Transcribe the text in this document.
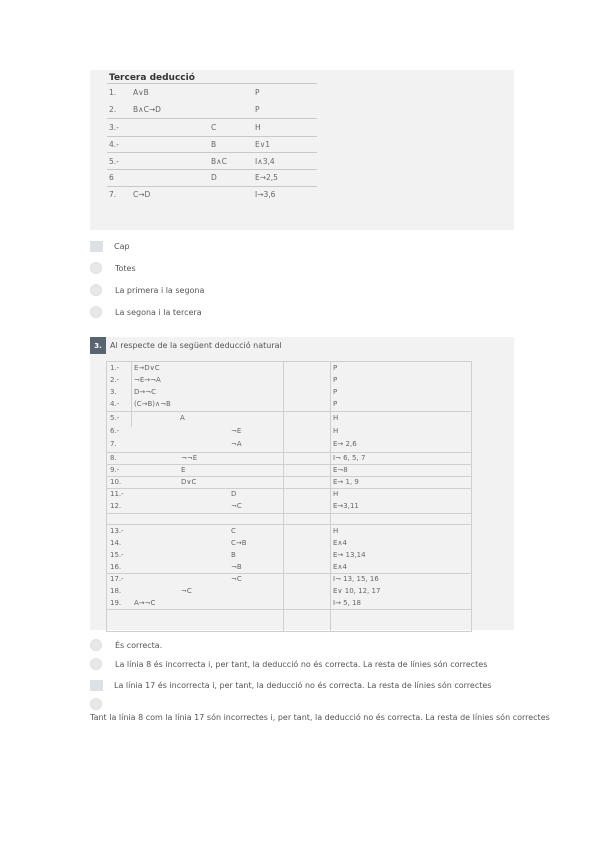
Tercera deducció
1. A∨B	P
2. B∧C→D	P
3.-	C	H
4.-	B	E∨1
5.-	B∧C	I∧3,4
6	D	E→2,5
7. C→D	I→3,6
Cap
Totes
La primera i la segona
La segona i la tercera
3.	Al respecte de la següent deducció natural
1.- E→D∨C	P
2.- ¬E→¬A	P
3. D→¬C	P
4.- (C→B)∧¬B	P
5.-	A	H
6.-	¬E	H
7.	¬A	E→ 2,6
8.	¬¬E	I¬ 6, 5, 7
9.-	E	E¬8
10.	D∨C	E→ 1, 9
11.-	D	H
12.	¬C	E→3,11
13.-	C	H
14.	C→B	E∧4
15.-	B	E→ 13,14
16.	¬B	E∧4
17.-	¬C	I¬ 13, 15, 16
18.	¬C	E∨ 10, 12, 17
19. A→¬C	I→ 5, 18
És correcta.
La línia 8 és incorrecta i, per tant, la deducció no és correcta. La resta de línies són correctes
La línia 17 és incorrecta i, per tant, la deducció no és correcta. La resta de línies són correctes
Tant la línia 8 com la línia 17 són incorrectes i, per tant, la deducció no és correcta. La resta de línies són correctes
